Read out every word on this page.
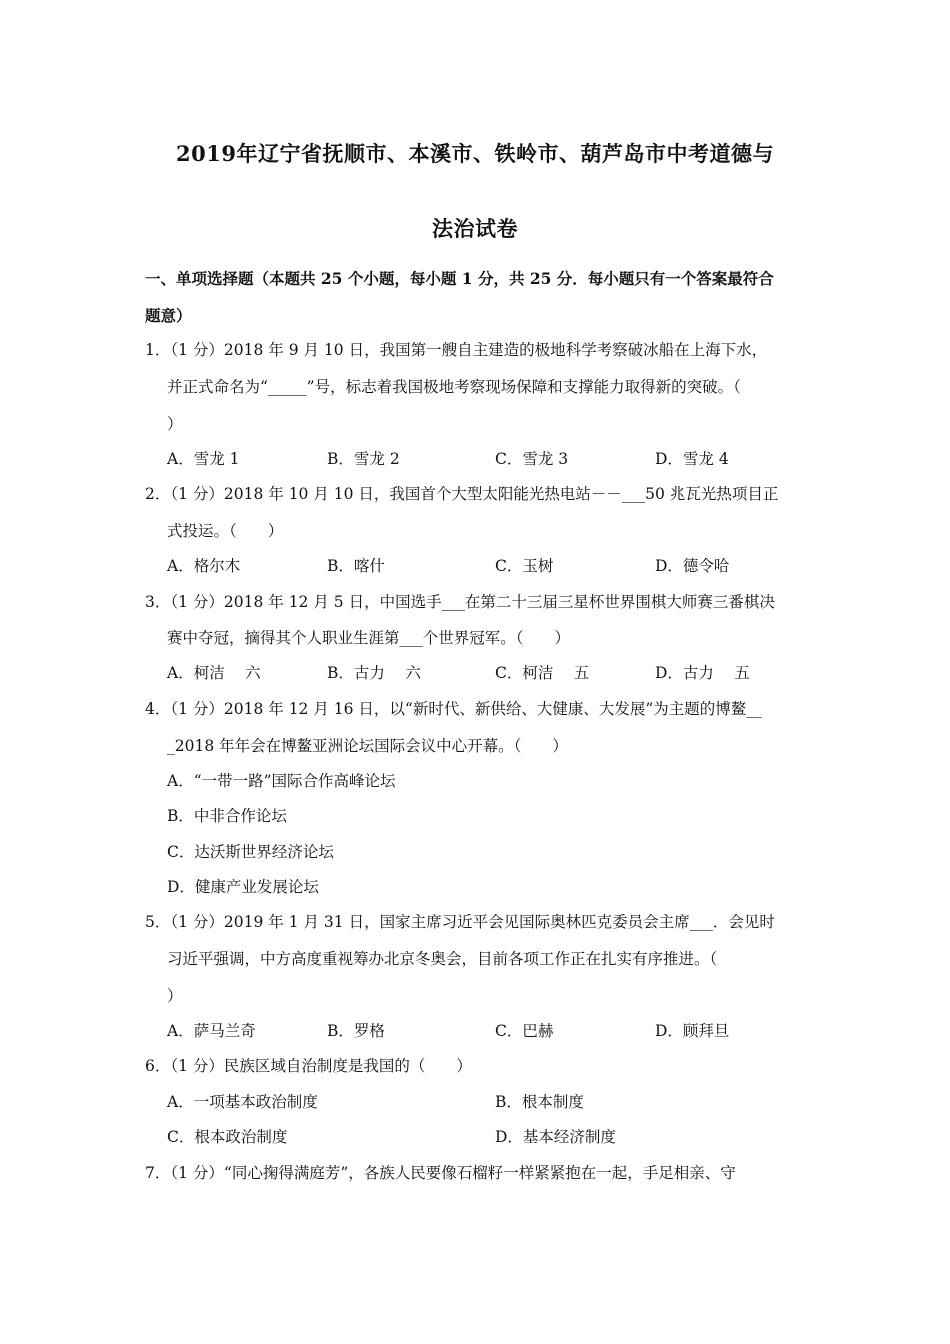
2019年辽宁省抚顺市、本溪市、铁岭市、葫芦岛市中考道德与
法治试卷
一、单项选择题（本题共 25 个小题，每小题 1 分，共 25 分．每小题只有一个答案最符合
题意）
1．（1 分）2018 年 9 月 10 日，我国第一艘自主建造的极地科学考察破冰船在上海下水，
并正式命名为“_____”号，标志着我国极地考察现场保障和支撑能力取得新的突破。（
）
A．雪龙 1	B．雪龙 2	C．雪龙 3	D．雪龙 4
2．（1 分）2018 年 10 月 10 日，我国首个大型太阳能光热电站－－___50 兆瓦光热项目正
式投运。（　　）
A．格尔木	B．喀什	C．玉树	D．德令哈
3．（1 分）2018 年 12 月 5 日，中国选手___在第二十三届三星杯世界围棋大师赛三番棋决
赛中夺冠，摘得其个人职业生涯第___个世界冠军。（　　）
A．柯洁　 六	B．古力　 六	C．柯洁　 五	D．古力　 五
4．（1 分）2018 年 12 月 16 日，以“新时代、新供给、大健康、大发展”为主题的博鳌__
_2018 年年会在博鳌亚洲论坛国际会议中心开幕。（　　）
A．“一带一路”国际合作高峰论坛
B．中非合作论坛
C．达沃斯世界经济论坛
D．健康产业发展论坛
5．（1 分）2019 年 1 月 31 日，国家主席习近平会见国际奥林匹克委员会主席___．会见时
习近平强调，中方高度重视筹办北京冬奥会，目前各项工作正在扎实有序推进。（
）
A．萨马兰奇	B．罗格	C．巴赫	D．顾拜旦
6．（1 分）民族区域自治制度是我国的（　　）
A．一项基本政治制度	B．根本制度
C．根本政治制度	D．基本经济制度
7．（1 分）“同心掬得满庭芳”，各族人民要像石榴籽一样紧紧抱在一起，手足相亲、守
